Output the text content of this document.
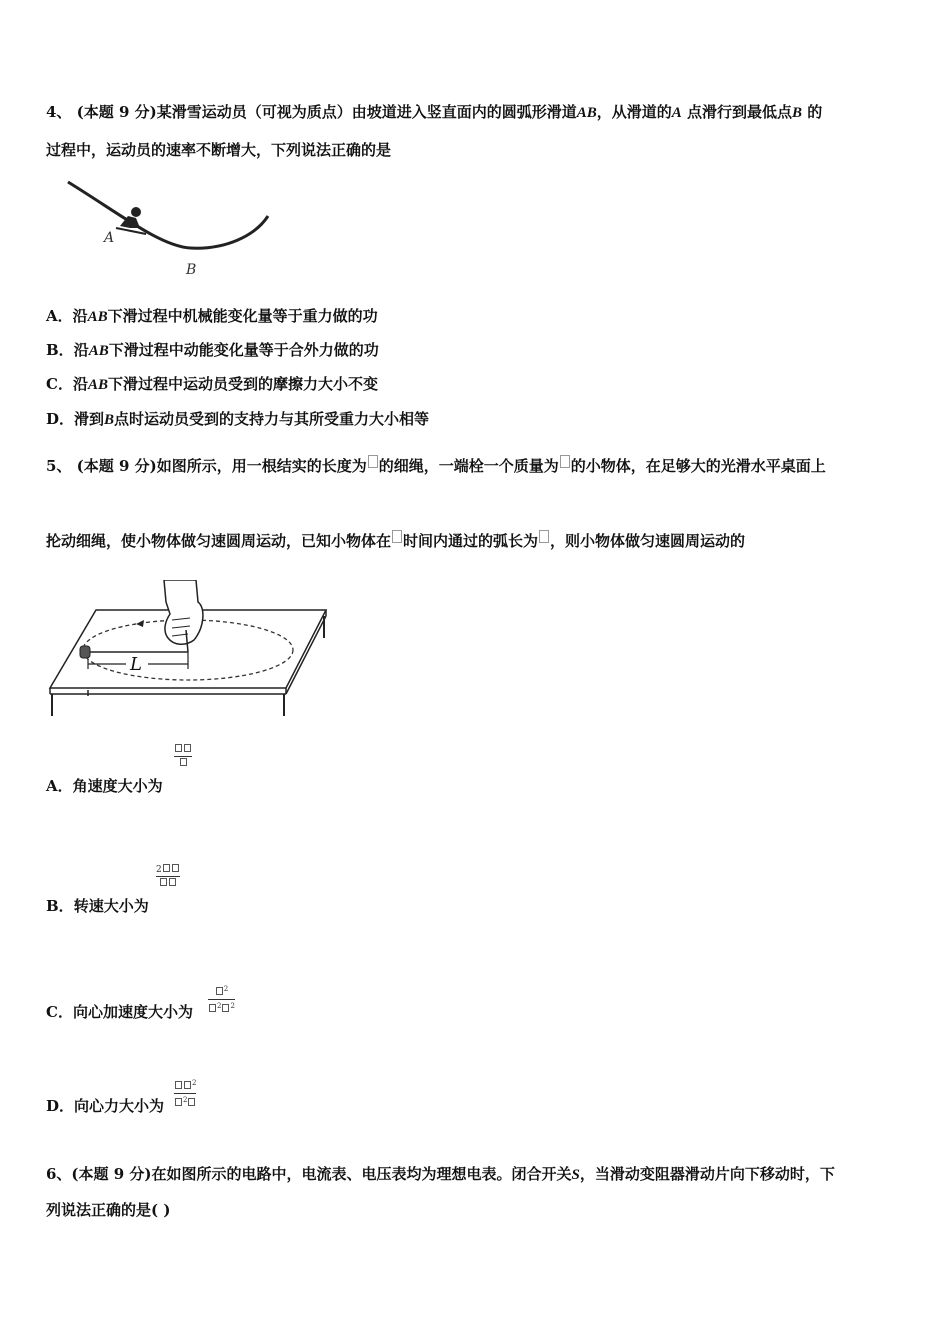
4、 (本题 9 分)某滑雪运动员（可视为质点）由坡道进入竖直面内的圆弧形滑道AB，从滑道的A 点滑行到最低点B 的
过程中，运动员的速率不断增大，下列说法正确的是
A
B
A．沿AB下滑过程中机械能变化量等于重力做的功
B．沿AB下滑过程中动能变化量等于合外力做的功
C．沿AB下滑过程中运动员受到的摩擦力大小不变
D．滑到B点时运动员受到的支持力与其所受重力大小相等
5、 (本题 9 分)如图所示，用一根结实的长度为 的细绳，一端栓一个质量为 的小物体，在足够大的光滑水平桌面上
抡动细绳，使小物体做匀速圆周运动，已知小物体在 时间内通过的弧长为 ，则小物体做匀速圆周运动的
L
A．角速度大小为
2
B．转速大小为
$^2$
$^2$ $^2$
C．向心加速度大小为
$^2$
$^2$
D．向心力大小为
6、(本题 9 分)在如图所示的电路中，电流表、电压表均为理想电表。闭合开关S，当滑动变阻器滑动片向下移动时，下
列说法正确的是( )
